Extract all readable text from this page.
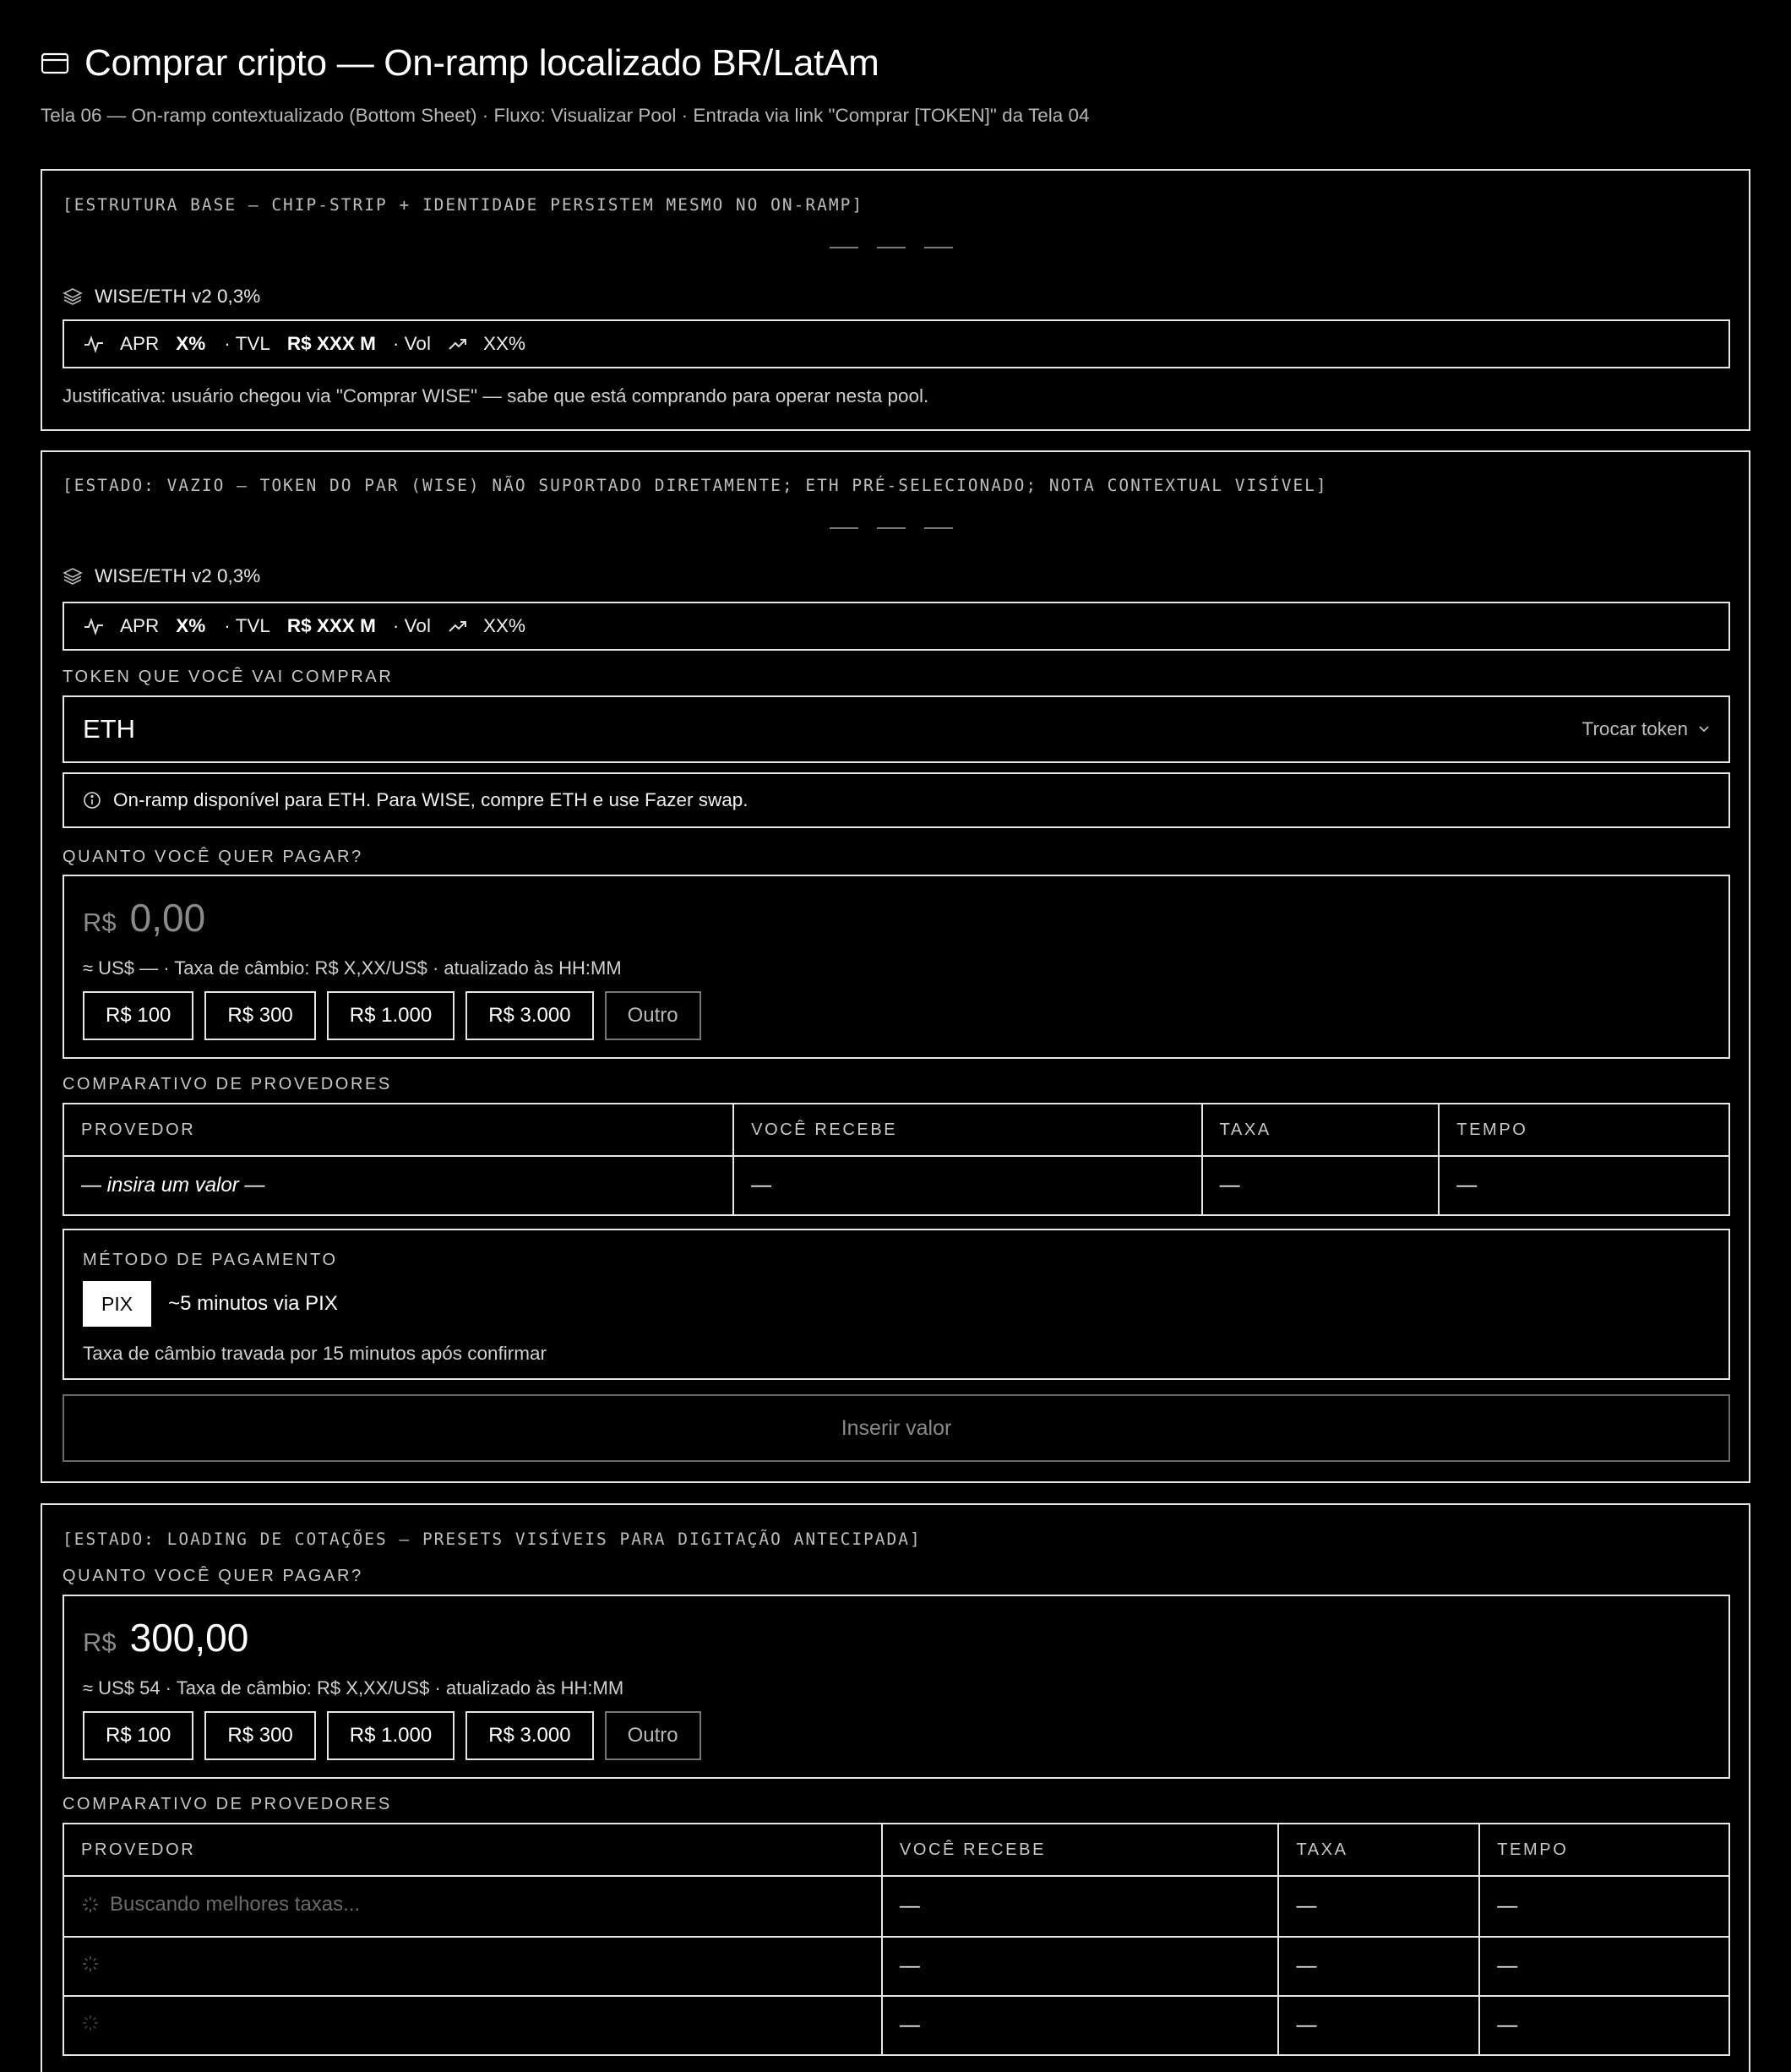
Comprar cripto — On-ramp localizado BR/LatAm
Tela 06 — On-ramp contextualizado (Bottom Sheet) · Fluxo: Visualizar Pool · Entrada via link "Comprar [TOKEN]" da Tela 04
[ESTRUTURA BASE — CHIP-STRIP + IDENTIDADE PERSISTEM MESMO NO ON-RAMP]
WISE/ETH v2 0,3%
APR X% · TVL R$ XXX M · Vol	XX%
Justificativa: usuário chegou via "Comprar WISE" — sabe que está comprando para operar nesta pool.
[ESTADO: VAZIO — TOKEN DO PAR (WISE) NÃO SUPORTADO DIRETAMENTE; ETH PRÉ-SELECIONADO; NOTA CONTEXTUAL VISÍVEL]
WISE/ETH v2 0,3%
APR X% · TVL R$ XXX M · Vol	XX%
TOKEN QUE VOCÊ VAI COMPRAR
ETH	Trocar token
On-ramp disponível para ETH. Para WISE, compre ETH e use Fazer swap.
QUANTO VOCÊ QUER PAGAR?
R$ 0,00
≈ US$ — · Taxa de câmbio: R$ X,XX/US$ · atualizado às HH:MM
R$ 100	R$ 300	R$ 1.000	R$ 3.000	Outro
COMPARATIVO DE PROVEDORES
PROVEDOR	VOCÊ RECEBE	TAXA	TEMPO
— insira um valor —	—	—	—
MÉTODO DE PAGAMENTO
PIX	~5 minutos via PIX
Taxa de câmbio travada por 15 minutos após confirmar
Inserir valor
[ESTADO: LOADING DE COTAÇÕES — PRESETS VISÍVEIS PARA DIGITAÇÃO ANTECIPADA]
QUANTO VOCÊ QUER PAGAR?
R$ 300,00
≈ US$ 54 · Taxa de câmbio: R$ X,XX/US$ · atualizado às HH:MM
R$ 100	R$ 300	R$ 1.000	R$ 3.000	Outro
COMPARATIVO DE PROVEDORES
PROVEDOR	VOCÊ RECEBE	TAXA	TEMPO

Buscando melhores taxas...	—	—	—
	—	—	—
	—	—	—
